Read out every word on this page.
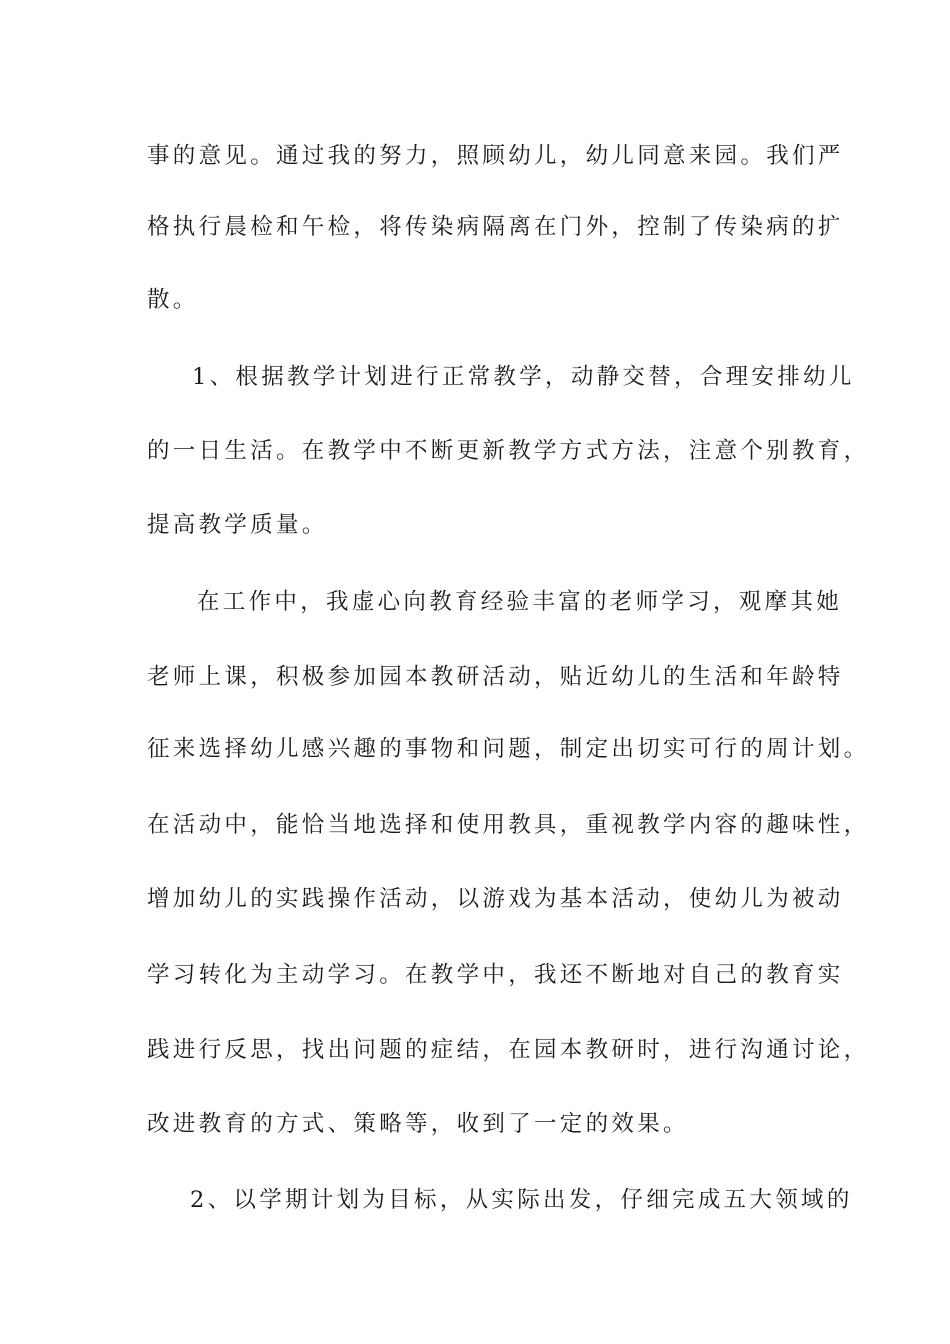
事的意见。通过我的努力，照顾幼儿，幼儿同意来园。我们严
格执行晨检和午检，将传染病隔离在门外，控制了传染病的扩
散。
1、根据教学计划进行正常教学，动静交替，合理安排幼儿
的一日生活。在教学中不断更新教学方式方法，注意个别教育，
提高教学质量。
在工作中，我虚心向教育经验丰富的老师学习，观摩其她
老师上课，积极参加园本教研活动，贴近幼儿的生活和年龄特
征来选择幼儿感兴趣的事物和问题，制定出切实可行的周计划。
在活动中，能恰当地选择和使用教具，重视教学内容的趣味性，
增加幼儿的实践操作活动，以游戏为基本活动，使幼儿为被动
学习转化为主动学习。在教学中，我还不断地对自己的教育实
践进行反思，找出问题的症结，在园本教研时，进行沟通讨论，
改进教育的方式、策略等，收到了一定的效果。
2、以学期计划为目标，从实际出发，仔细完成五大领域的
